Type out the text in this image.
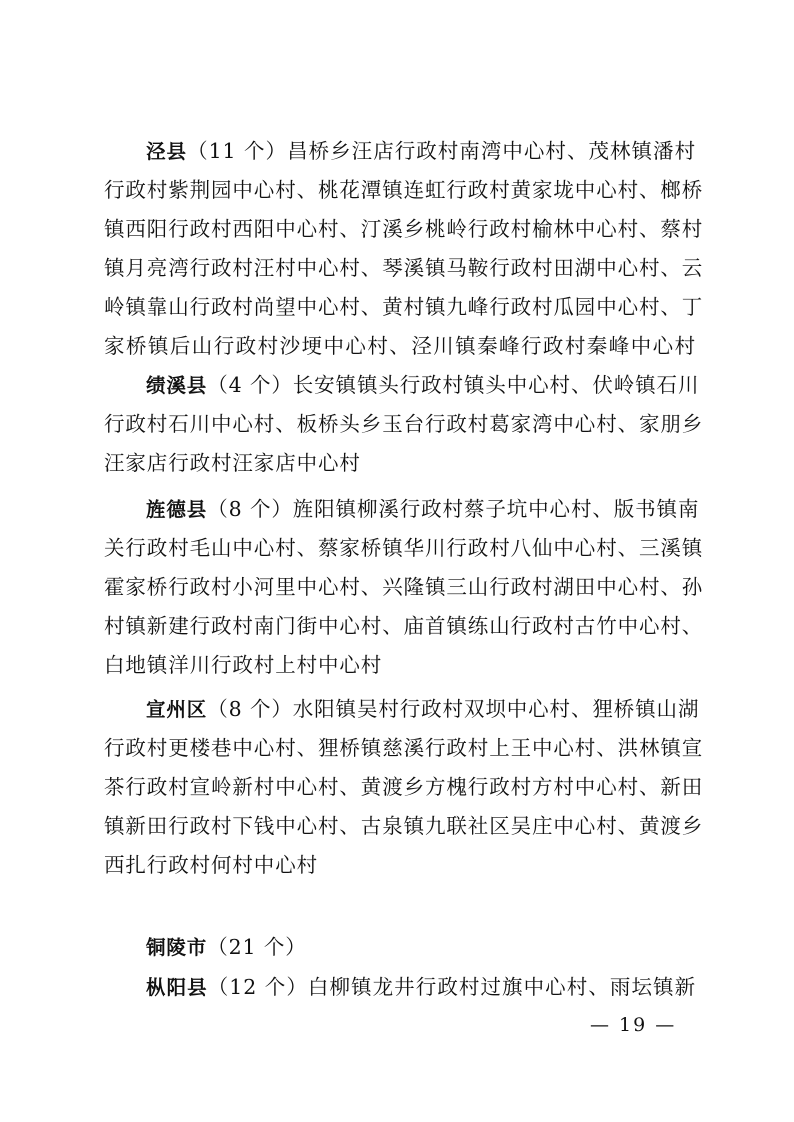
泾县（11 个）昌桥乡汪店行政村南湾中心村、茂林镇潘村
行政村紫荆园中心村、桃花潭镇连虹行政村黄家垅中心村、榔桥
镇西阳行政村西阳中心村、汀溪乡桃岭行政村榆林中心村、蔡村
镇月亮湾行政村汪村中心村、琴溪镇马鞍行政村田湖中心村、云
岭镇靠山行政村尚望中心村、黄村镇九峰行政村瓜园中心村、丁
家桥镇后山行政村沙埂中心村、泾川镇秦峰行政村秦峰中心村
绩溪县（4 个）长安镇镇头行政村镇头中心村、伏岭镇石川
行政村石川中心村、板桥头乡玉台行政村葛家湾中心村、家朋乡
汪家店行政村汪家店中心村
旌德县（8 个）旌阳镇柳溪行政村蔡子坑中心村、版书镇南
关行政村毛山中心村、蔡家桥镇华川行政村八仙中心村、三溪镇
霍家桥行政村小河里中心村、兴隆镇三山行政村湖田中心村、孙
村镇新建行政村南门街中心村、庙首镇练山行政村古竹中心村、
白地镇洋川行政村上村中心村
宣州区（8 个）水阳镇吴村行政村双坝中心村、狸桥镇山湖
行政村更楼巷中心村、狸桥镇慈溪行政村上王中心村、洪林镇宣
茶行政村宣岭新村中心村、黄渡乡方槐行政村方村中心村、新田
镇新田行政村下钱中心村、古泉镇九联社区吴庄中心村、黄渡乡
西扎行政村何村中心村
铜陵市（21 个）
枞阳县（12 个）白柳镇龙井行政村过旗中心村、雨坛镇新
— 19 —
